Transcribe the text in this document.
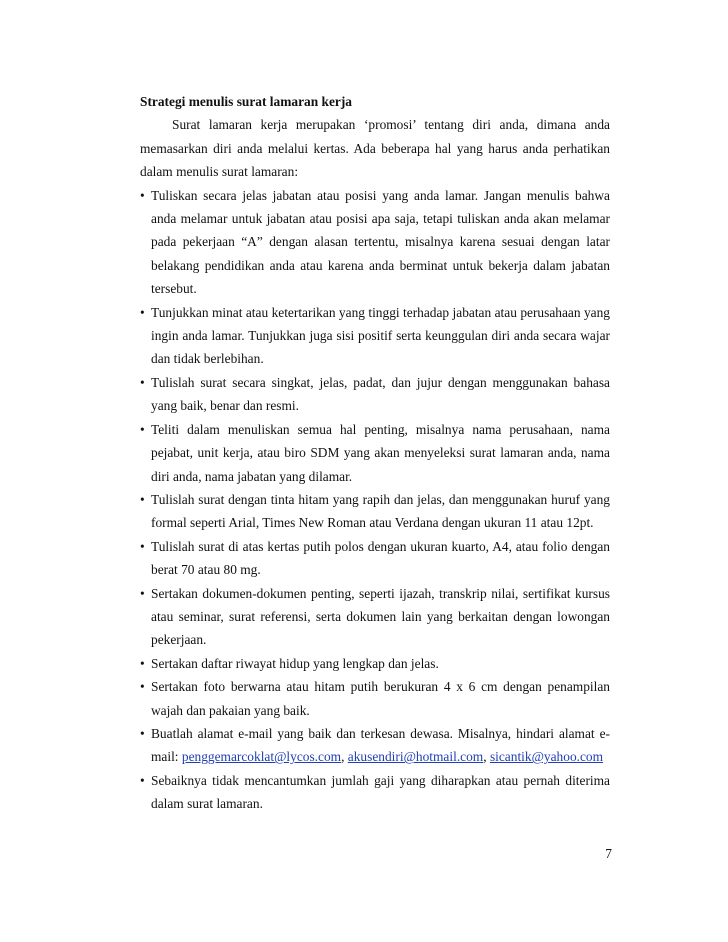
Strategi menulis surat lamaran kerja

Surat lamaran kerja merupakan ‘promosi’ tentang diri anda, dimana anda memasarkan diri anda melalui kertas. Ada beberapa hal yang harus anda perhatikan dalam menulis surat lamaran:

• Tuliskan secara jelas jabatan atau posisi yang anda lamar. Jangan menulis bahwa anda melamar untuk jabatan atau posisi apa saja, tetapi tuliskan anda akan melamar pada pekerjaan “A” dengan alasan tertentu, misalnya karena sesuai dengan latar belakang pendidikan anda atau karena anda berminat untuk bekerja dalam jabatan tersebut.
• Tunjukkan minat atau ketertarikan yang tinggi terhadap jabatan atau perusahaan yang ingin anda lamar. Tunjukkan juga sisi positif serta keunggulan diri anda secara wajar dan tidak berlebihan.
• Tulislah surat secara singkat, jelas, padat, dan jujur dengan menggunakan bahasa yang baik, benar dan resmi.
• Teliti dalam menuliskan semua hal penting, misalnya nama perusahaan, nama pejabat, unit kerja, atau biro SDM yang akan menyeleksi surat lamaran anda, nama diri anda, nama jabatan yang dilamar.
• Tulislah surat dengan tinta hitam yang rapih dan jelas, dan menggunakan huruf yang formal seperti Arial, Times New Roman atau Verdana dengan ukuran 11 atau 12pt.
• Tulislah surat di atas kertas putih polos dengan ukuran kuarto, A4, atau folio dengan berat 70 atau 80 mg.
• Sertakan dokumen-dokumen penting, seperti ijazah, transkrip nilai, sertifikat kursus atau seminar, surat referensi, serta dokumen lain yang berkaitan dengan lowongan pekerjaan.
• Sertakan daftar riwayat hidup yang lengkap dan jelas.
• Sertakan foto berwarna atau hitam putih berukuran 4 x 6 cm dengan penampilan wajah dan pakaian yang baik.
• Buatlah alamat e-mail yang baik dan terkesan dewasa. Misalnya, hindari alamat e-mail: penggemarcoklat@lycos.com, akusendiri@hotmail.com, sicantik@yahoo.com
• Sebaiknya tidak mencantumkan jumlah gaji yang diharapkan atau pernah diterima dalam surat lamaran.
7
